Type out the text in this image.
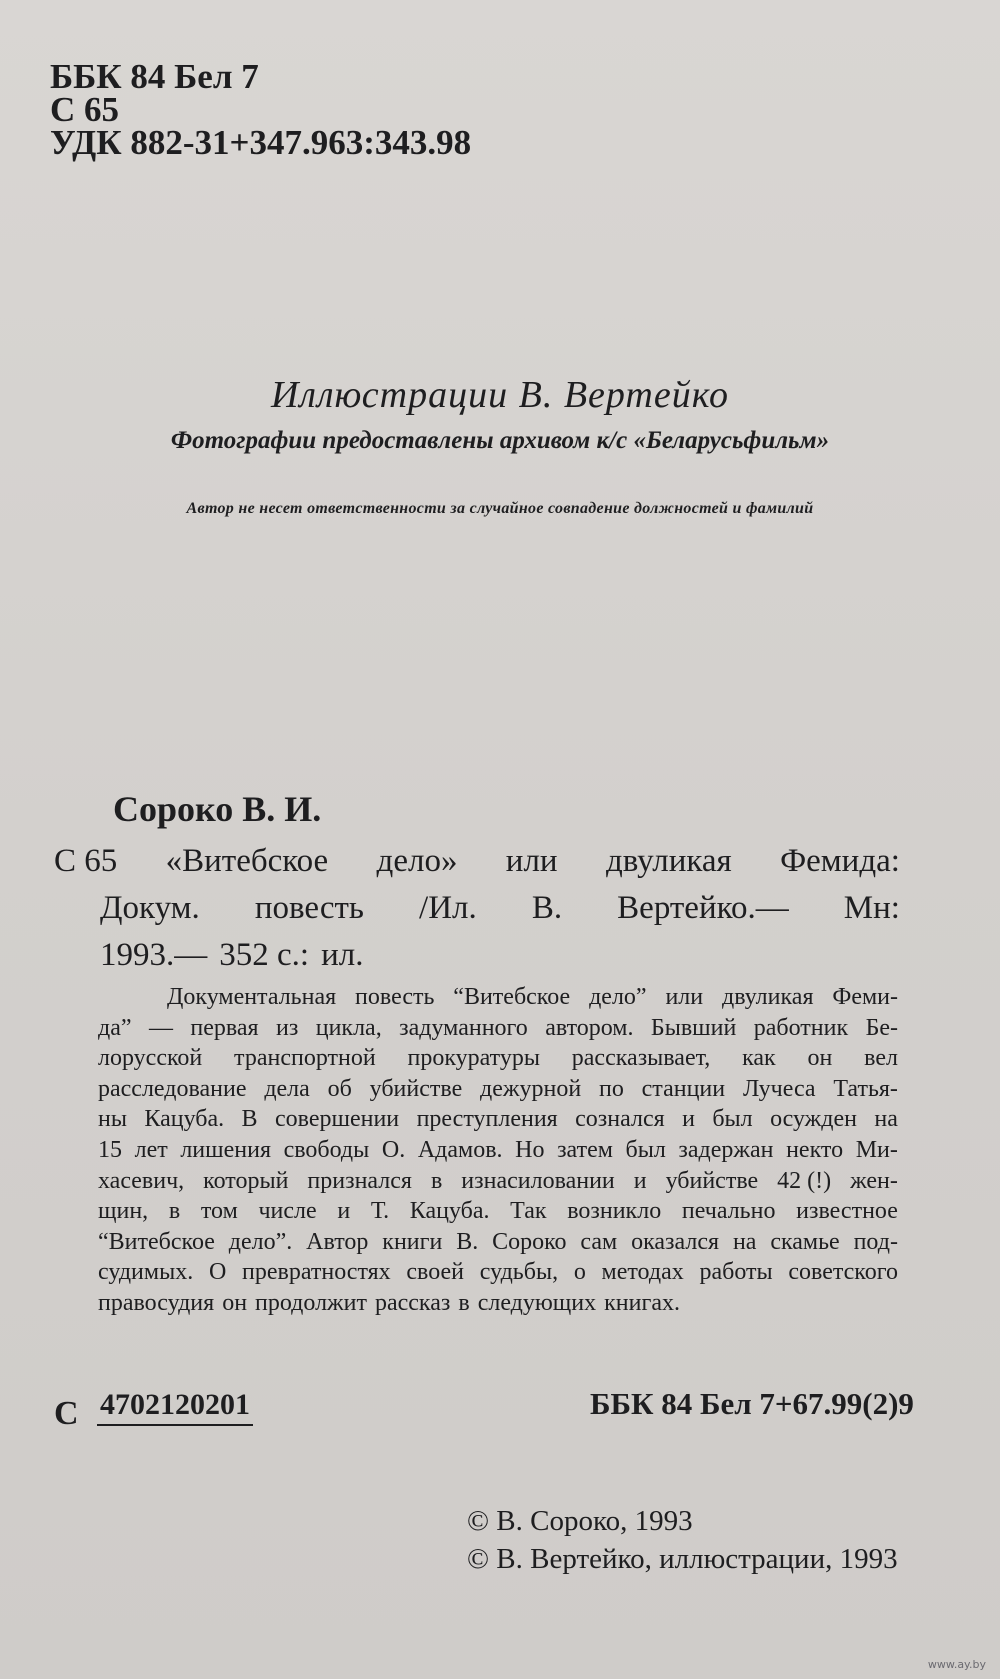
ББК 84 Бел 7
С 65
УДК 882-31+347.963:343.98
Иллюстрации В. Вертейко
Фотографии предоставлены архивом к/с «Беларусьфильм»
Автор не несет ответственности за случайное совпадение должностей и фамилий
Сороко В. И.
С 65 «Витебское дело» или двуликая Фемида:
Докум. повесть /Ил. В. Вертейко.— Мн:
1993.— 352 с.: ил.
Документальная повесть “Витебское дело” или двуликая Феми-
да” — первая из цикла, задуманного автором. Бывший работник Бе-
лорусской транспортной прокуратуры рассказывает, как он вел
расследование дела об убийстве дежурной по станции Лучеса Татья-
ны Кацуба. В совершении преступления сознался и был осужден на
15 лет лишения свободы О. Адамов. Но затем был задержан некто Ми-
хасевич, который признался в изнасиловании и убийстве 42 (!) жен-
щин, в том числе и Т. Кацуба. Так возникло печально известное
“Витебское дело”. Автор книги В. Сороко сам оказался на скамье под-
судимых. О превратностях своей судьбы, о методах работы советского
правосудия он продолжит рассказ в следующих книгах.
С 4702120201	ББК 84 Бел 7+67.99(2)9
© В. Сороко, 1993
© В. Вертейко, иллюстрации, 1993
www.ay.by
